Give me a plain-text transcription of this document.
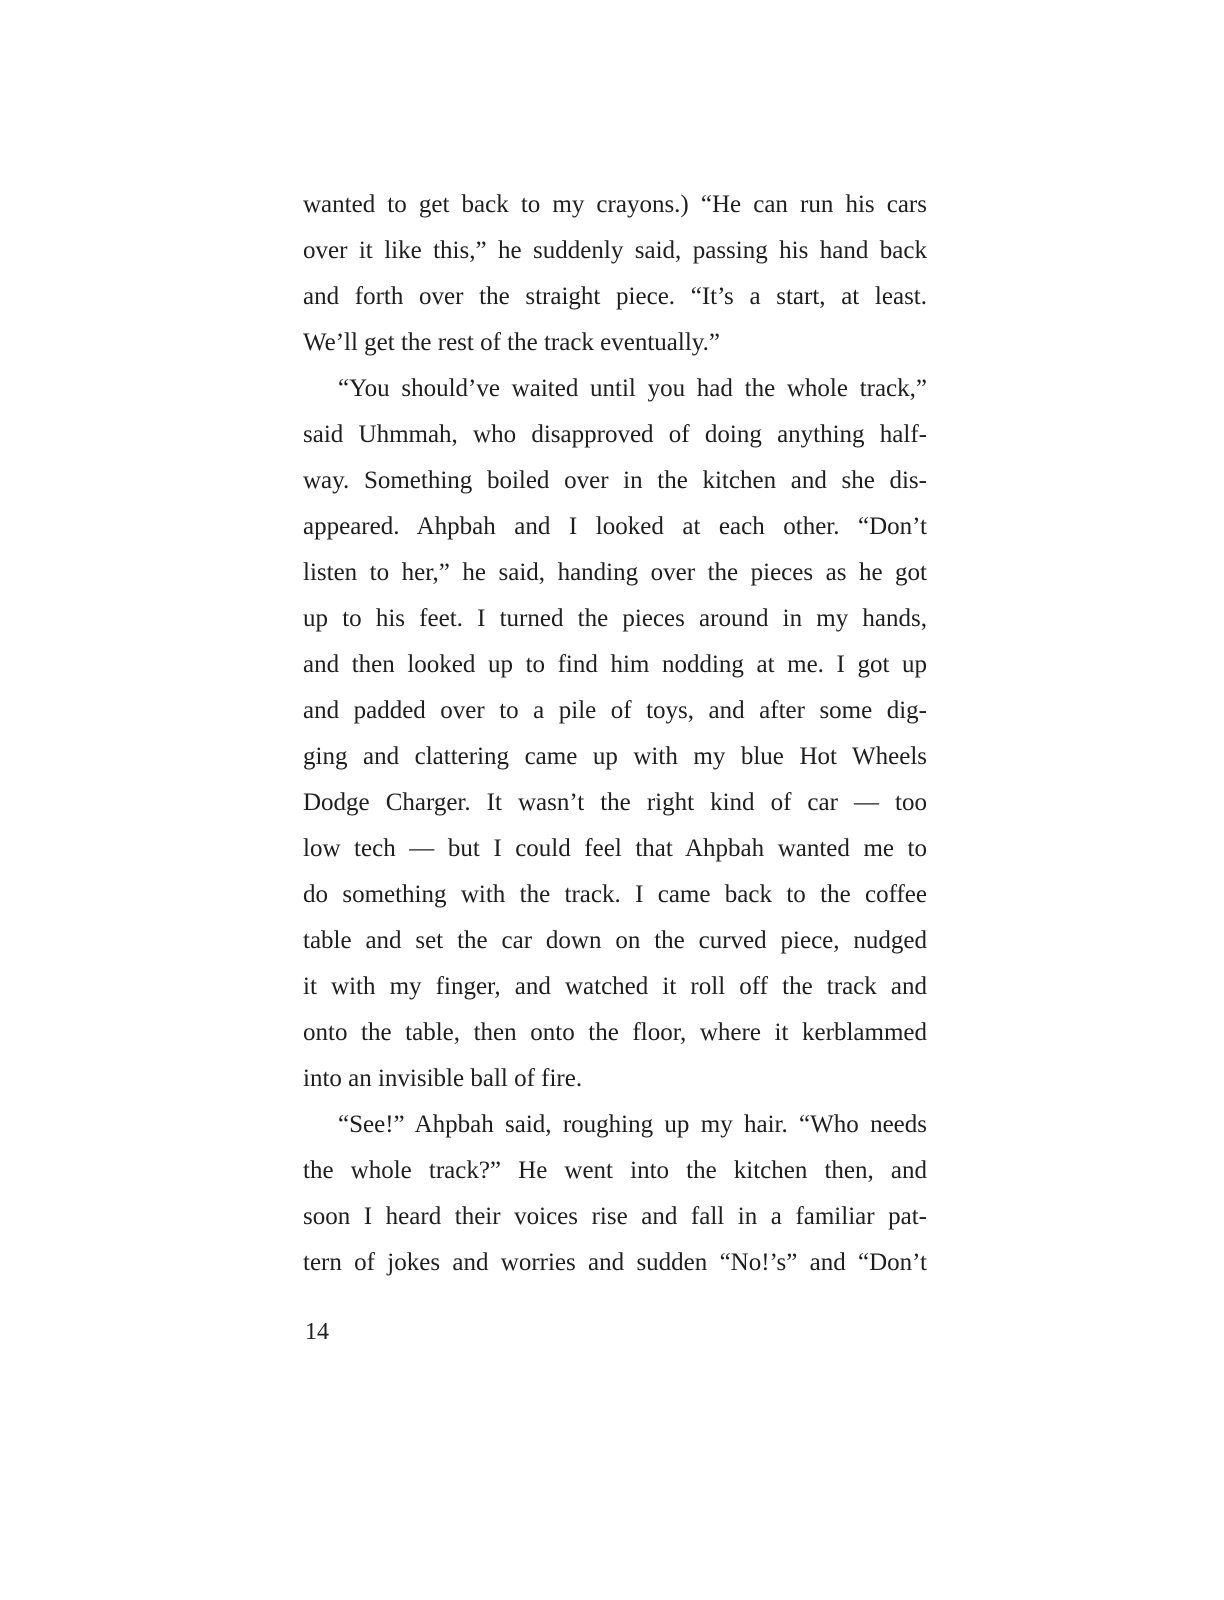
wanted to get back to my crayons.) “He can run his cars
over it like this,” he suddenly said, passing his hand back
and forth over the straight piece. “It’s a start, at least.
We’ll get the rest of the track eventually.”
“You should’ve waited until you had the whole track,”
said Uhmmah, who disapproved of doing anything half-
way. Something boiled over in the kitchen and she dis-
appeared. Ahpbah and I looked at each other. “Don’t
listen to her,” he said, handing over the pieces as he got
up to his feet. I turned the pieces around in my hands,
and then looked up to find him nodding at me. I got up
and padded over to a pile of toys, and after some dig-
ging and clattering came up with my blue Hot Wheels
Dodge Charger. It wasn’t the right kind of car — too
low tech — but I could feel that Ahpbah wanted me to
do something with the track. I came back to the coffee
table and set the car down on the curved piece, nudged
it with my finger, and watched it roll off the track and
onto the table, then onto the floor, where it kerblammed
into an invisible ball of fire.
“See!” Ahpbah said, roughing up my hair. “Who needs
the whole track?” He went into the kitchen then, and
soon I heard their voices rise and fall in a familiar pat-
tern of jokes and worries and sudden “No!’s” and “Don’t
14
